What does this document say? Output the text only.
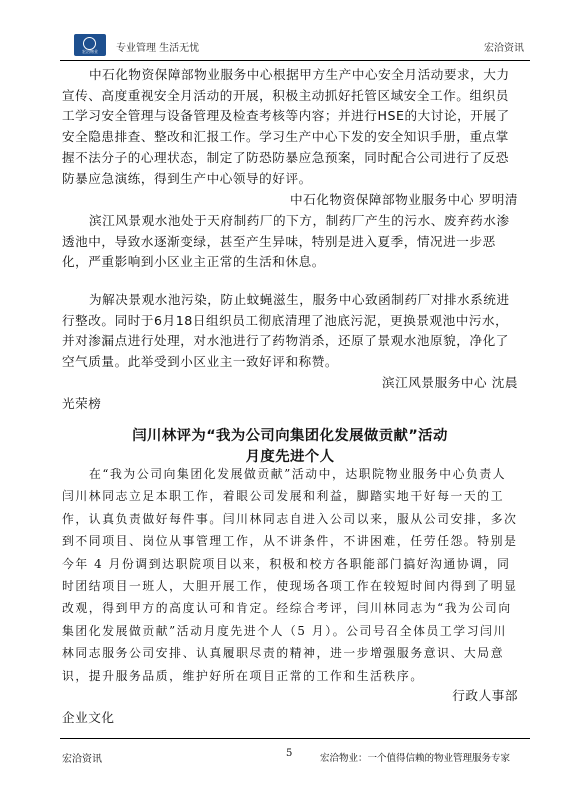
宏洽物业	专业管理 生活无忧	宏洽资讯
中石化物资保障部物业服务中心根据甲方生产中心安全月活动要求，大力宣传、高度重视安全月活动的开展，积极主动抓好托管区域安全工作。组织员工学习安全管理与设备管理及检查考核等内容；并进行HSE的大讨论，开展了安全隐患排查、整改和汇报工作。学习生产中心下发的安全知识手册，重点掌握不法分子的心理状态，制定了防恐防暴应急预案，同时配合公司进行了反恐防暴应急演练，得到生产中心领导的好评。
中石化物资保障部物业服务中心 罗明清
滨江风景观水池处于天府制药厂的下方，制药厂产生的污水、废弃药水渗透池中，导致水逐渐变绿，甚至产生异味，特别是进入夏季，情况进一步恶化，严重影响到小区业主正常的生活和休息。
为解决景观水池污染，防止蚊蝇滋生，服务中心致函制药厂对排水系统进行整改。同时于6月18日组织员工彻底清理了池底污泥，更换景观池中污水，并对渗漏点进行处理，对水池进行了药物消杀，还原了景观水池原貌，净化了空气质量。此举受到小区业主一致好评和称赞。
滨江风景服务中心 沈晨
光荣榜
闫川林评为“我为公司向集团化发展做贡献”活动
月度先进个人
在“我为公司向集团化发展做贡献”活动中，达职院物业服务中心负责人闫川林同志立足本职工作，着眼公司发展和利益，脚踏实地干好每一天的工作，认真负责做好每件事。闫川林同志自进入公司以来，服从公司安排，多次到不同项目、岗位从事管理工作，从不讲条件，不讲困难，任劳任怨。特别是今年 4 月份调到达职院项目以来，积极和校方各职能部门搞好沟通协调，同时团结项目一班人，大胆开展工作，使现场各项工作在较短时间内得到了明显改观，得到甲方的高度认可和肯定。经综合考评，闫川林同志为“我为公司向集团化发展做贡献”活动月度先进个人（5 月）。公司号召全体员工学习闫川林同志服务公司安排、认真履职尽责的精神，进一步增强服务意识、大局意识，提升服务品质，维护好所在项目正常的工作和生活秩序。
行政人事部
企业文化
宏洽资讯
5	宏洽物业：一个值得信赖的物业管理服务专家
